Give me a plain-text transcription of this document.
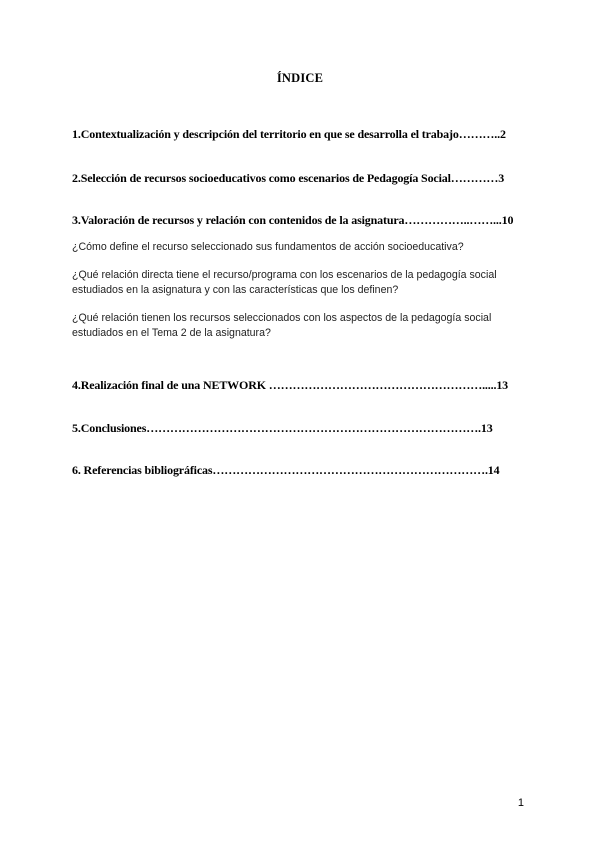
ÍNDICE
1.Contextualización y descripción del territorio en que se desarrolla el trabajo………..2
2.Selección de recursos socioeducativos como escenarios de Pedagogía Social…………3
3.Valoración de recursos y relación con contenidos de la asignatura……………..……...10
¿Cómo define el recurso seleccionado sus fundamentos de acción socioeducativa?
¿Qué relación directa tiene el recurso/programa con los escenarios de la pedagogía social estudiados en la asignatura y con las características que los definen?
¿Qué relación tienen los recursos seleccionados con los aspectos de la pedagogía social estudiados en el Tema 2 de la asignatura?
4.Realización final de una NETWORK ……………………………………………….....13
5.Conclusiones………………………………………………………………………….13
6. Referencias bibliográficas…………………………………………………………….14
1
